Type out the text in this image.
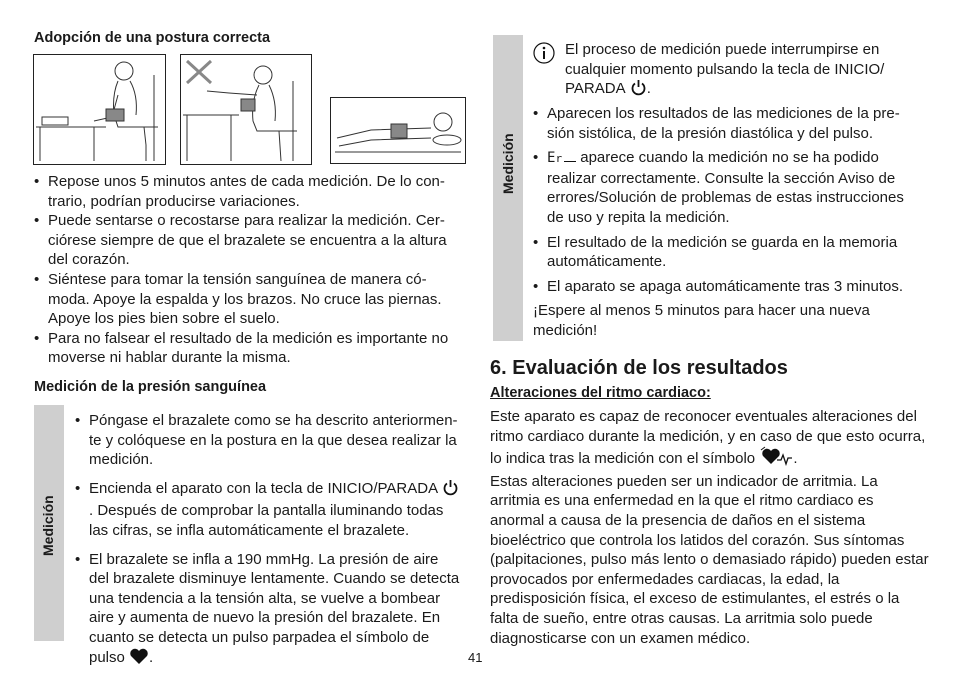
Adopción de una postura correcta
• Repose unos 5 minutos antes de cada medición. De lo con-trario, podrían producirse variaciones.
• Puede sentarse o recostarse para realizar la medición. Cer-ciórese siempre de que el brazalete se encuentra a la altura del corazón.
• Siéntese para tomar la tensión sanguínea de manera có-moda. Apoye la espalda y los brazos. No cruce las piernas. Apoye los pies bien sobre el suelo.
• Para no falsear el resultado de la medición es importante no moverse ni hablar durante la misma.
Medición de la presión sanguínea
Medición
• Póngase el brazalete como se ha descrito anteriormen-te y colóquese en la postura en la que desea realizar la medición.
• Encienda el aparato con la tecla de INICIO/PARADA . Después de comprobar la pantalla iluminando todas las cifras, se infla automáticamente el brazalete.
• El brazalete se infla a 190 mmHg. La presión de aire del brazalete disminuye lentamente. Cuando se detecta una tendencia a la tensión alta, se vuelve a bombear aire y aumenta de nuevo la presión del brazalete. En cuanto se detecta un pulso parpadea el símbolo de pulso .
Medición
El proceso de medición puede interrumpirse en cualquier momento pulsando la tecla de INICIO/ PARADA .
• Aparecen los resultados de las mediciones de la pre-sión sistólica, de la presión diastólica y del pulso.
• Er aparece cuando la medición no se ha podido realizar correctamente. Consulte la sección Aviso de errores/Solución de problemas de estas instrucciones de uso y repita la medición.
• El resultado de la medición se guarda en la memoria automáticamente.
• El aparato se apaga automáticamente tras 3 minutos.
¡Espere al menos 5 minutos para hacer una nueva medición!
6. Evaluación de los resultados
Alteraciones del ritmo cardiaco:
Este aparato es capaz de reconocer eventuales alteraciones del ritmo cardiaco durante la medición, y en caso de que esto ocurra, lo indica tras la medición con el símbolo	.
Estas alteraciones pueden ser un indicador de arritmia. La arritmia es una enfermedad en la que el ritmo cardiaco es anormal a causa de la presencia de daños en el sistema bioeléctrico que controla los latidos del corazón. Sus síntomas (palpitaciones, pulso más lento o demasiado rápido) pueden estar provocados por enfermedades cardiacas, la edad, la predisposición física, el exceso de estimulantes, el estrés o la falta de sueño, entre otras causas. La arritmia solo puede diagnosticarse con un examen médico.
41
